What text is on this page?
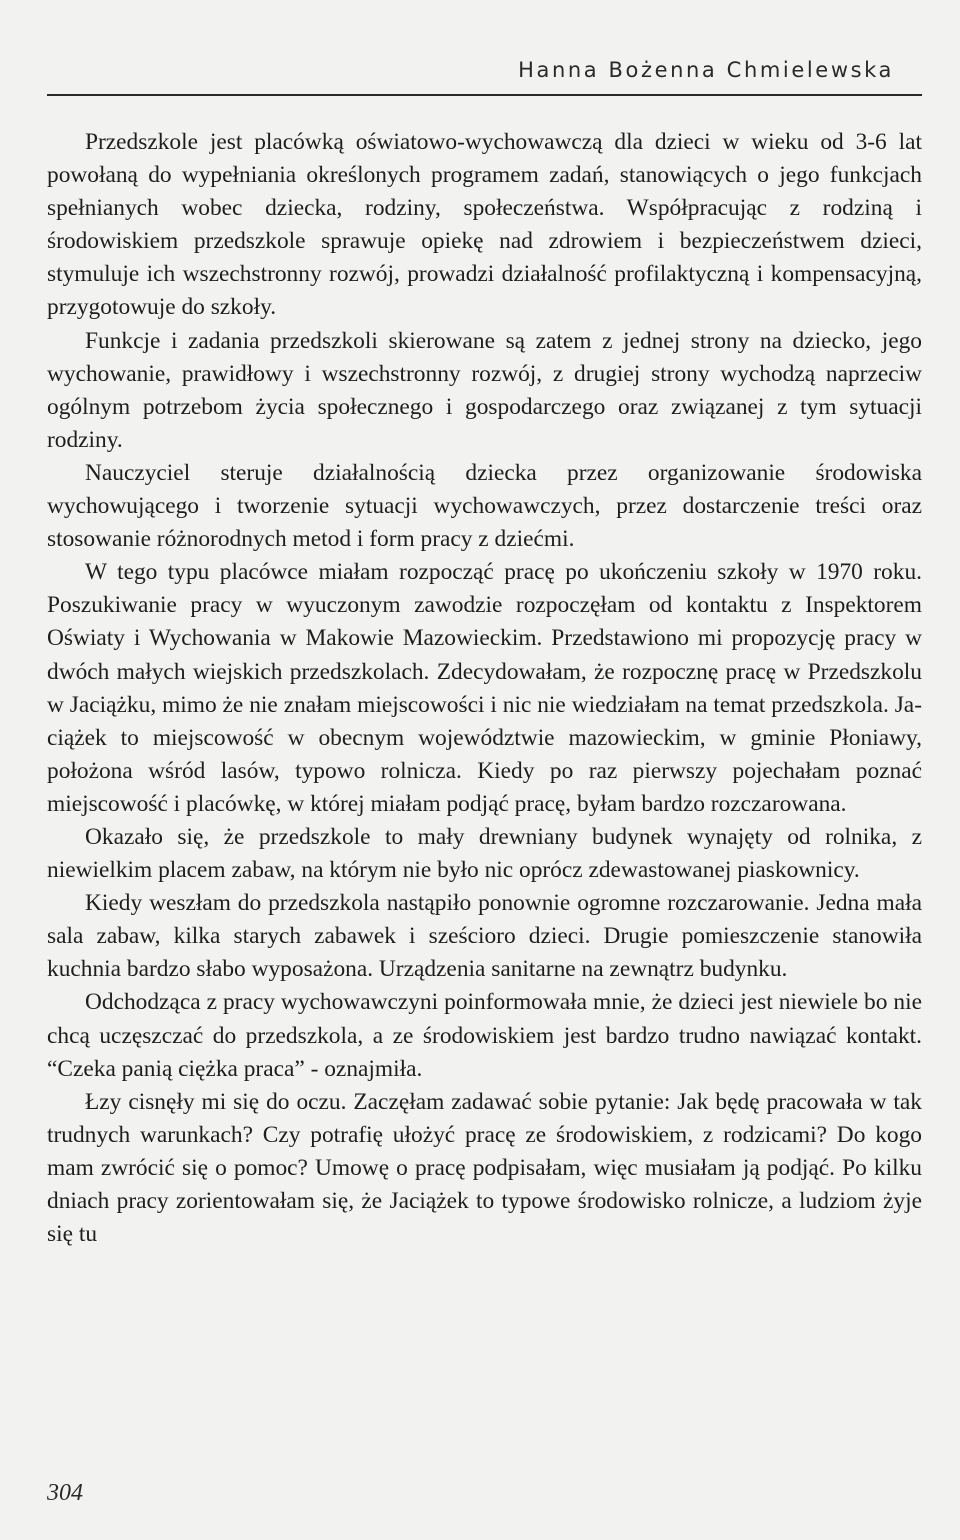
Hanna Bożenna Chmielewska

Przedszkole jest placówką oświatowo-wychowawczą dla dzieci w wieku od 3-6 lat powołaną do wypełniania określonych programem zadań, stanowiących o jego funkcjach spełnianych wobec dziecka, rodziny, społeczeństwa. Współpracując z rodziną i środowiskiem przedszkole sprawuje opiekę nad zdrowiem i bezpieczeństwem dzieci, stymuluje ich wszechstronny rozwój, prowadzi działalność profilaktyczną i kompensacyjną, przygotowuje do szkoły.

Funkcje i zadania przedszkoli skierowane są zatem z jednej strony na dziecko, jego wychowanie, prawidłowy i wszechstronny rozwój, z drugiej strony wychodzą naprzeciw ogólnym potrzebom życia społecznego i gospodarczego oraz związanej z tym sytuacji rodziny.

Nauczyciel steruje działalnością dziecka przez organizowanie środowiska wychowującego i tworzenie sytuacji wychowawczych, przez dostarczenie treści oraz stosowanie różnorodnych metod i form pracy z dziećmi.

W tego typu placówce miałam rozpocząć pracę po ukończeniu szkoły w 1970 roku. Poszukiwanie pracy w wyuczonym zawodzie rozpoczęłam od kontaktu z Inspektorem Oświaty i Wychowania w Makowie Mazowieckim. Przedstawiono mi propozycję pracy w dwóch małych wiejskich przedszkolach. Zdecydowałam, że rozpocznę pracę w Przedszkolu w Jaciążku, mimo że nie znałam miejscowości i nic nie wiedziałam na temat przedszkola. Jaciążek to miejscowość w obecnym województwie mazowieckim, w gminie Płoniawy, położona wśród lasów, typowo rolnicza. Kiedy po raz pierwszy pojechałam poznać miejscowość i placówkę, w której miałam podjąć pracę, byłam bardzo rozczarowana.

Okazało się, że przedszkole to mały drewniany budynek wynajęty od rolnika, z niewielkim placem zabaw, na którym nie było nic oprócz zdewastowanej piaskownicy.

Kiedy weszłam do przedszkola nastąpiło ponownie ogromne rozczarowanie. Jedna mała sala zabaw, kilka starych zabawek i sześcioro dzieci. Drugie pomieszczenie stanowiła kuchnia bardzo słabo wyposażona. Urządzenia sanitarne na zewnątrz budynku.

Odchodząca z pracy wychowawczyni poinformowała mnie, że dzieci jest niewiele bo nie chcą uczęszczać do przedszkola, a ze środowiskiem jest bardzo trudno nawiązać kontakt. “Czeka panią ciężka praca” - oznajmiła.

Łzy cisnęły mi się do oczu. Zaczęłam zadawać sobie pytanie: Jak będę pracowała w tak trudnych warunkach? Czy potrafię ułożyć pracę ze środowiskiem, z rodzicami? Do kogo mam zwrócić się o pomoc? Umowę o pracę podpisałam, więc musiałam ją podjąć. Po kilku dniach pracy zorientowałam się, że Jaciążek to typowe środowisko rolnicze, a ludziom żyje się tu

304
